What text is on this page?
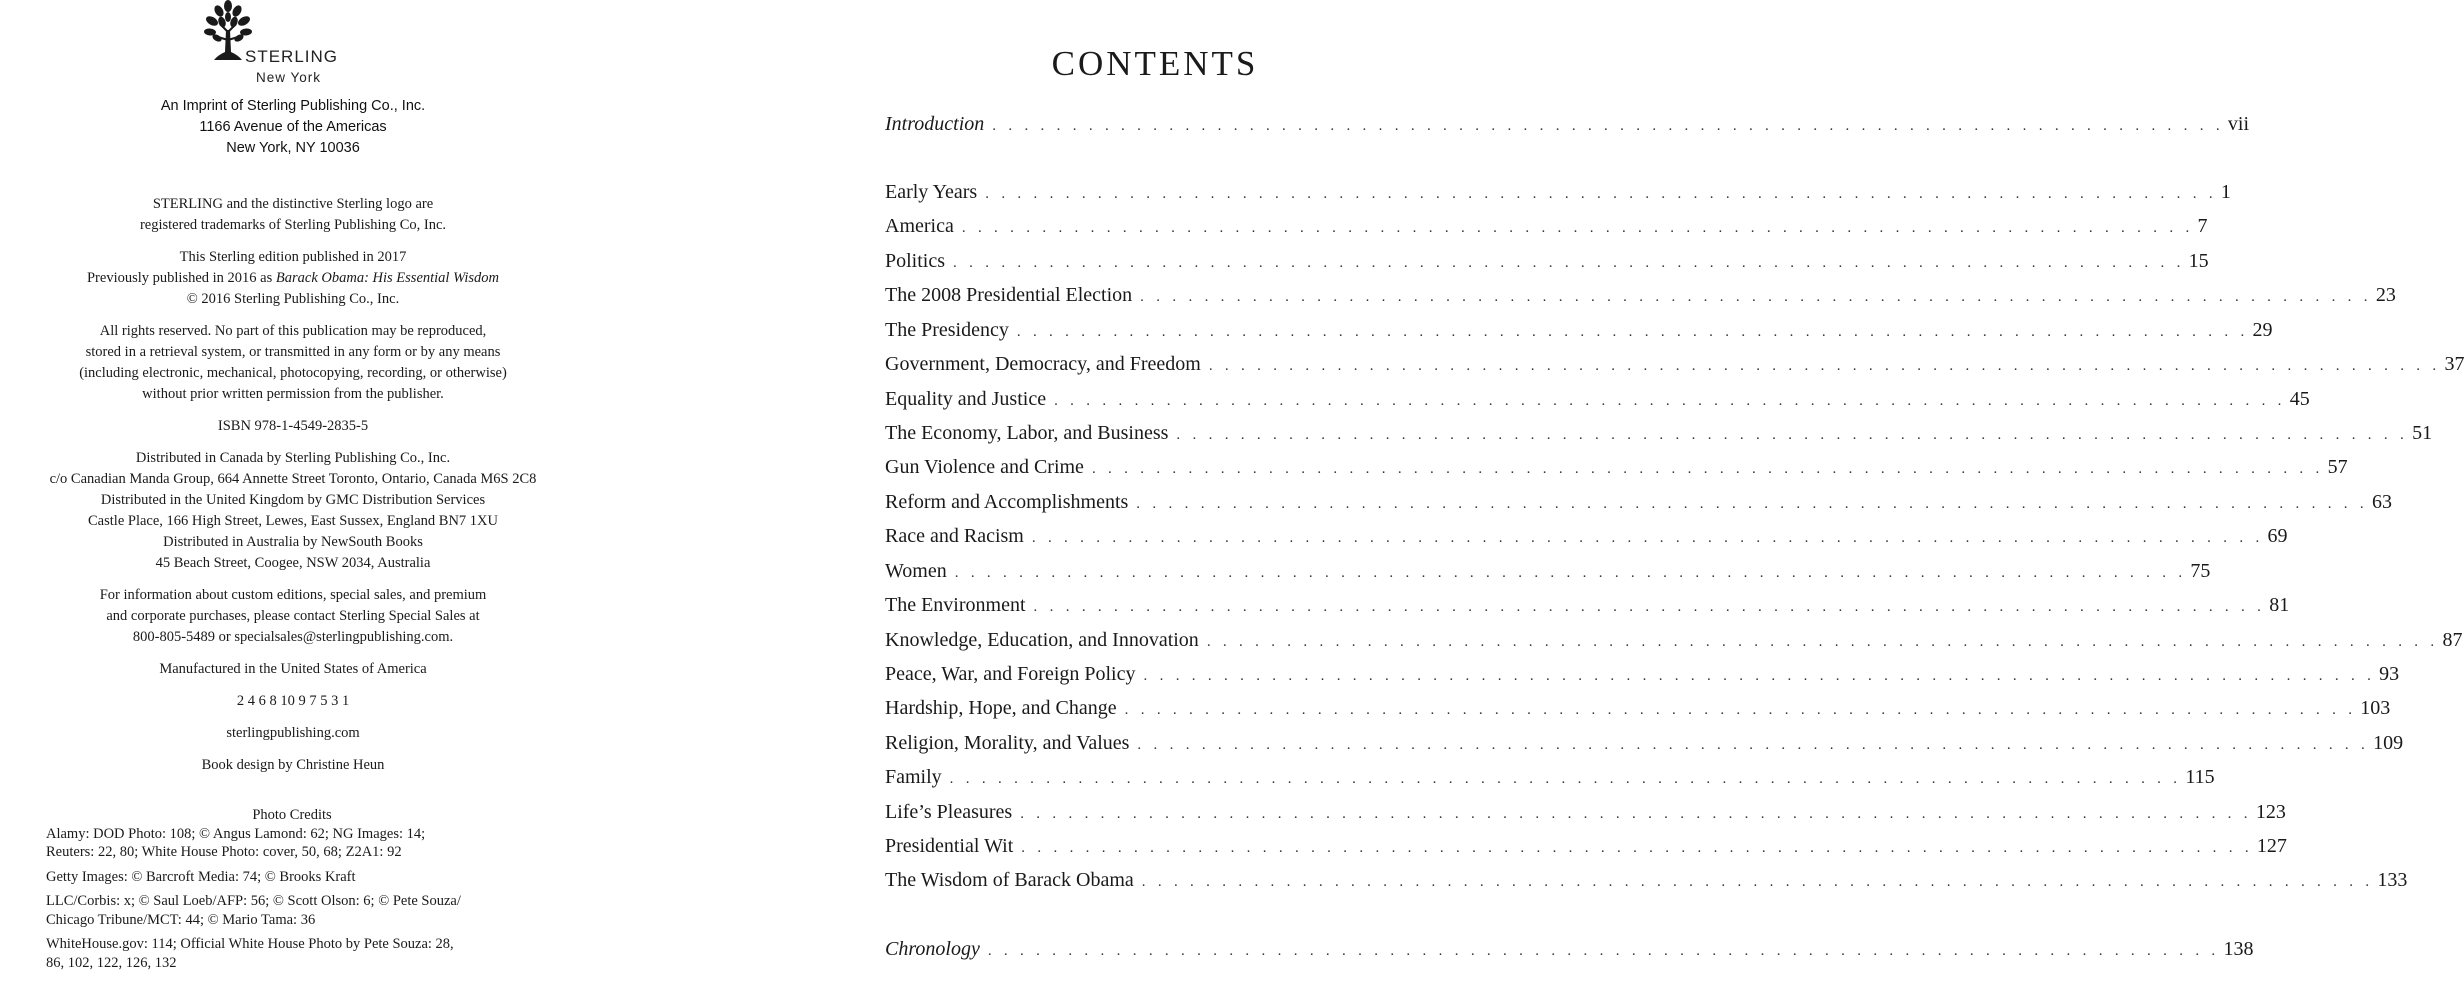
STERLING
New York
An Imprint of Sterling Publishing Co., Inc.
1166 Avenue of the Americas
New York, NY 10036
STERLING and the distinctive Sterling logo are
registered trademarks of Sterling Publishing Co, Inc.
This Sterling edition published in 2017
Previously published in 2016 as Barack Obama: His Essential Wisdom
© 2016 Sterling Publishing Co., Inc.
All rights reserved. No part of this publication may be reproduced,
stored in a retrieval system, or transmitted in any form or by any means
(including electronic, mechanical, photocopying, recording, or otherwise)
without prior written permission from the publisher.
ISBN 978-1-4549-2835-5
Distributed in Canada by Sterling Publishing Co., Inc.
c/o Canadian Manda Group, 664 Annette Street Toronto, Ontario, Canada M6S 2C8
Distributed in the United Kingdom by GMC Distribution Services
Castle Place, 166 High Street, Lewes, East Sussex, England BN7 1XU
Distributed in Australia by NewSouth Books
45 Beach Street, Coogee, NSW 2034, Australia
For information about custom editions, special sales, and premium
and corporate purchases, please contact Sterling Special Sales at
800-805-5489 or specialsales@sterlingpublishing.com.
Manufactured in the United States of America
2 4 6 8 10 9 7 5 3 1
sterlingpublishing.com
Book design by Christine Heun
Photo Credits
Alamy: DOD Photo: 108; © Angus Lamond: 62; NG Images: 14;
Reuters: 22, 80; White House Photo: cover, 50, 68; Z2A1: 92
Getty Images: © Barcroft Media: 74; © Brooks Kraft
LLC/Corbis: x; © Saul Loeb/AFP: 56; © Scott Olson: 6; © Pete Souza/
Chicago Tribune/MCT: 44; © Mario Tama: 36
WhiteHouse.gov: 114; Official White House Photo by Pete Souza: 28,
86, 102, 122, 126, 132
CONTENTS
Introduction . . . . . . . . . . . . . . . . . . . . . . . . . . . . . . . . . . . . . . . . . . . . . . . . . . . . . . . . . . . . . . . . . . . . . . . . . . . . . vii
Early Years . . . . . . . . . . . . . . . . . . . . . . . . . . . . . . . . . . . . . . . . . . . . . . . . . . . . . . . . . . . . . . . . . . . . . . . . . . . . . 1
America . . . . . . . . . . . . . . . . . . . . . . . . . . . . . . . . . . . . . . . . . . . . . . . . . . . . . . . . . . . . . . . . . . . . . . . . . . . . . 7
Politics . . . . . . . . . . . . . . . . . . . . . . . . . . . . . . . . . . . . . . . . . . . . . . . . . . . . . . . . . . . . . . . . . . . . . . . . . . . . . 15
The 2008 Presidential Election . . . . . . . . . . . . . . . . . . . . . . . . . . . . . . . . . . . . . . . . . . . . . . . . . . . . . . . . . . . . . . . . . . . . . . . . . . . . . 23
The Presidency . . . . . . . . . . . . . . . . . . . . . . . . . . . . . . . . . . . . . . . . . . . . . . . . . . . . . . . . . . . . . . . . . . . . . . . . . . . . . 29
Government, Democracy, and Freedom . . . . . . . . . . . . . . . . . . . . . . . . . . . . . . . . . . . . . . . . . . . . . . . . . . . . . . . . . . . . . . . . . . . . . . . . . . . . . 37
Equality and Justice . . . . . . . . . . . . . . . . . . . . . . . . . . . . . . . . . . . . . . . . . . . . . . . . . . . . . . . . . . . . . . . . . . . . . . . . . . . . . 45
The Economy, Labor, and Business . . . . . . . . . . . . . . . . . . . . . . . . . . . . . . . . . . . . . . . . . . . . . . . . . . . . . . . . . . . . . . . . . . . . . . . . . . . . . 51
Gun Violence and Crime . . . . . . . . . . . . . . . . . . . . . . . . . . . . . . . . . . . . . . . . . . . . . . . . . . . . . . . . . . . . . . . . . . . . . . . . . . . . . 57
Reform and Accomplishments . . . . . . . . . . . . . . . . . . . . . . . . . . . . . . . . . . . . . . . . . . . . . . . . . . . . . . . . . . . . . . . . . . . . . . . . . . . . . 63
Race and Racism . . . . . . . . . . . . . . . . . . . . . . . . . . . . . . . . . . . . . . . . . . . . . . . . . . . . . . . . . . . . . . . . . . . . . . . . . . . . . 69
Women . . . . . . . . . . . . . . . . . . . . . . . . . . . . . . . . . . . . . . . . . . . . . . . . . . . . . . . . . . . . . . . . . . . . . . . . . . . . . 75
The Environment . . . . . . . . . . . . . . . . . . . . . . . . . . . . . . . . . . . . . . . . . . . . . . . . . . . . . . . . . . . . . . . . . . . . . . . . . . . . . 81
Knowledge, Education, and Innovation . . . . . . . . . . . . . . . . . . . . . . . . . . . . . . . . . . . . . . . . . . . . . . . . . . . . . . . . . . . . . . . . . . . . . . . . . . . . . 87
Peace, War, and Foreign Policy . . . . . . . . . . . . . . . . . . . . . . . . . . . . . . . . . . . . . . . . . . . . . . . . . . . . . . . . . . . . . . . . . . . . . . . . . . . . . 93
Hardship, Hope, and Change . . . . . . . . . . . . . . . . . . . . . . . . . . . . . . . . . . . . . . . . . . . . . . . . . . . . . . . . . . . . . . . . . . . . . . . . . . . . . 103
Religion, Morality, and Values . . . . . . . . . . . . . . . . . . . . . . . . . . . . . . . . . . . . . . . . . . . . . . . . . . . . . . . . . . . . . . . . . . . . . . . . . . . . . 109
Family . . . . . . . . . . . . . . . . . . . . . . . . . . . . . . . . . . . . . . . . . . . . . . . . . . . . . . . . . . . . . . . . . . . . . . . . . . . . . 115
Life’s Pleasures . . . . . . . . . . . . . . . . . . . . . . . . . . . . . . . . . . . . . . . . . . . . . . . . . . . . . . . . . . . . . . . . . . . . . . . . . . . . . 123
Presidential Wit . . . . . . . . . . . . . . . . . . . . . . . . . . . . . . . . . . . . . . . . . . . . . . . . . . . . . . . . . . . . . . . . . . . . . . . . . . . . . 127
The Wisdom of Barack Obama . . . . . . . . . . . . . . . . . . . . . . . . . . . . . . . . . . . . . . . . . . . . . . . . . . . . . . . . . . . . . . . . . . . . . . . . . . . . . 133
Chronology . . . . . . . . . . . . . . . . . . . . . . . . . . . . . . . . . . . . . . . . . . . . . . . . . . . . . . . . . . . . . . . . . . . . . . . . . . . . . 138
